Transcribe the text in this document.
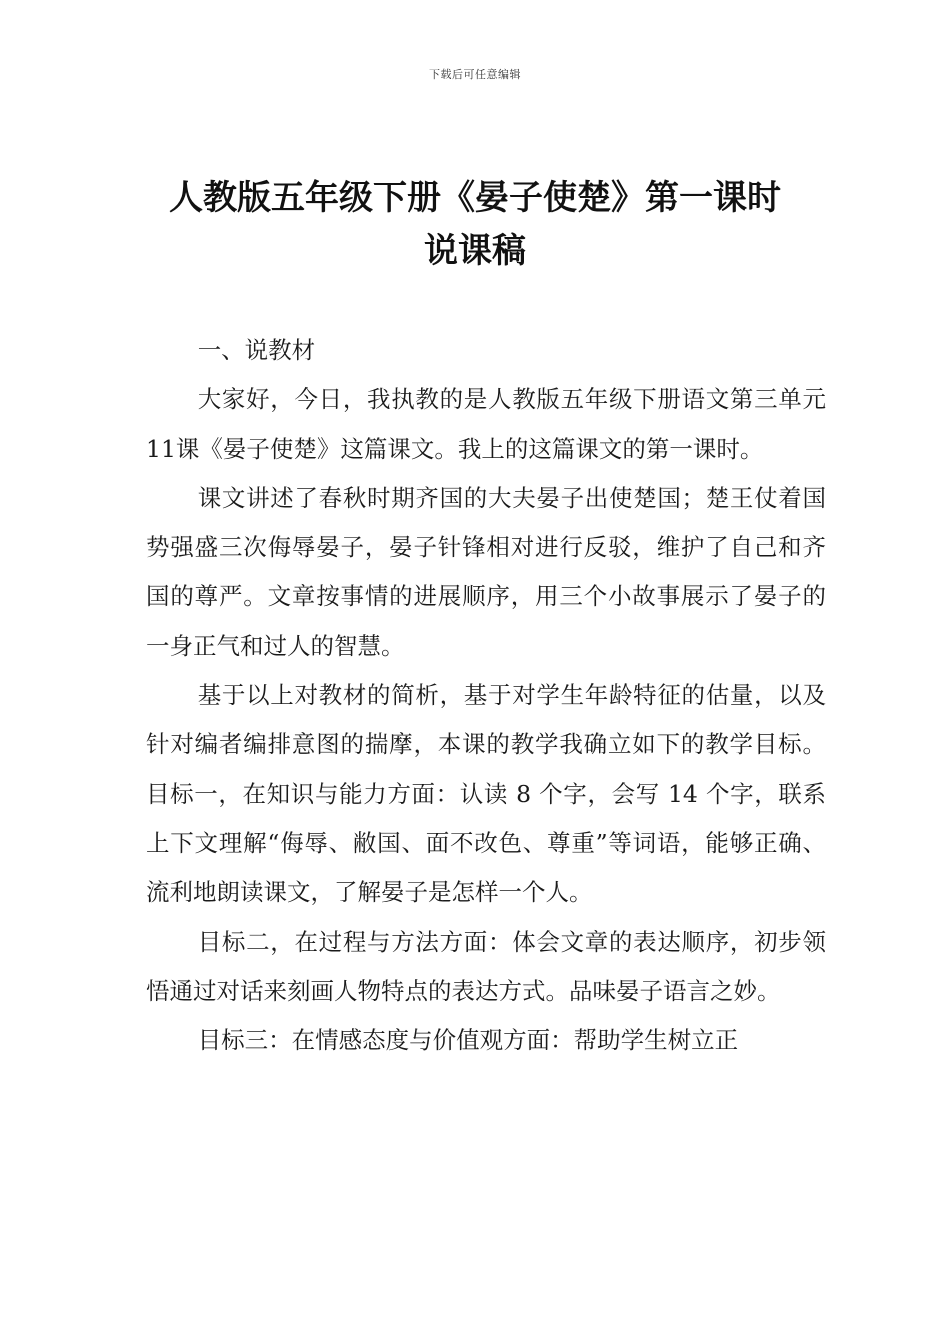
下载后可任意编辑
人教版五年级下册《晏子使楚》第一课时
说课稿

一、说教材

大家好，今日，我执教的是人教版五年级下册语文第三单元11课《晏子使楚》这篇课文。我上的这篇课文的第一课时。

课文讲述了春秋时期齐国的大夫晏子出使楚国；楚王仗着国势强盛三次侮辱晏子，晏子针锋相对进行反驳，维护了自己和齐国的尊严。文章按事情的进展顺序，用三个小故事展示了晏子的一身正气和过人的智慧。

基于以上对教材的简析，基于对学生年龄特征的估量，以及针对编者编排意图的揣摩，本课的教学我确立如下的教学目标。目标一，在知识与能力方面：认读 8 个字，会写 14 个字，联系上下文理解“侮辱、敝国、面不改色、尊重”等词语，能够正确、流利地朗读课文，了解晏子是怎样一个人。

目标二，在过程与方法方面：体会文章的表达顺序，初步领悟通过对话来刻画人物特点的表达方式。品味晏子语言之妙。

目标三：在情感态度与价值观方面：帮助学生树立正
